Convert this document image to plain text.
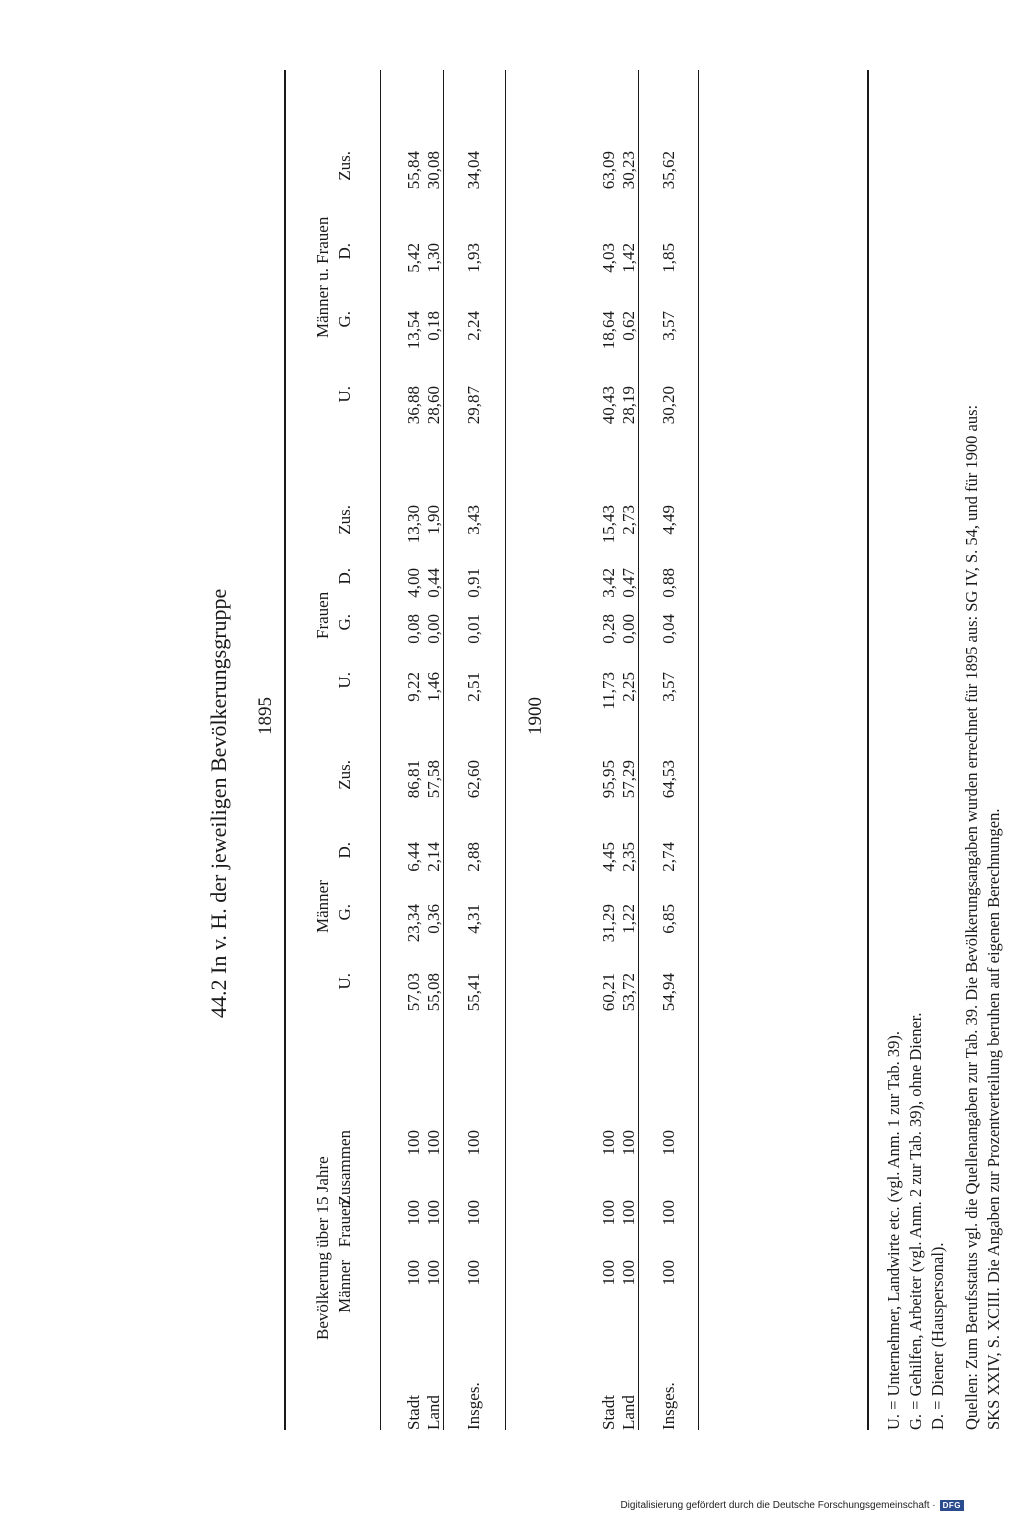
44.2 In v. H. der jeweiligen Bevölkerungsgruppe
Bevölkerung über 15 Jahre
Männer
Frauen
Männer u. Frauen
Männer
Frauen
Zusammen
U.
G.
D.
Zus.
U.
G.
D.
Zus.
U.
G.
D.
Zus.
1895
Stadt
100
100
100
57,03
23,34
6,44
86,81
9,22
0,08
4,00
13,30
36,88
13,54
5,42
55,84
Land
100
100
100
55,08
0,36
2,14
57,58
1,46
0,00
0,44
1,90
28,60
0,18
1,30
30,08
Insges.
100
100
100
55,41
4,31
2,88
62,60
2,51
0,01
0,91
3,43
29,87
2,24
1,93
34,04
1900
Stadt
100
100
100
60,21
31,29
4,45
95,95
11,73
0,28
3,42
15,43
40,43
18,64
4,03
63,09
Land
100
100
100
53,72
1,22
2,35
57,29
2,25
0,00
0,47
2,73
28,19
0,62
1,42
30,23
Insges.
100
100
100
54,94
6,85
2,74
64,53
3,57
0,04
0,88
4,49
30,20
3,57
1,85
35,62
U. = Unternehmer, Landwirte etc. (vgl. Anm. 1 zur Tab. 39). G. = Gehilfen, Arbeiter (vgl. Anm. 2 zur Tab. 39), ohne Diener. D. = Diener (Hauspersonal). Quellen: Zum Berufsstatus vgl. die Quellenangaben zur Tab. 39. Die Bevölkerungsangaben wurden errechnet für 1895 aus: SG IV, S. 54, und für 1900 aus: SKS XXIV, S. XCIII. Die Angaben zur Prozentverteilung beruhen auf eigenen Berechnungen.
Digitalisierung gefördert durch die Deutsche Forschungsgemeinschaft · DFG
